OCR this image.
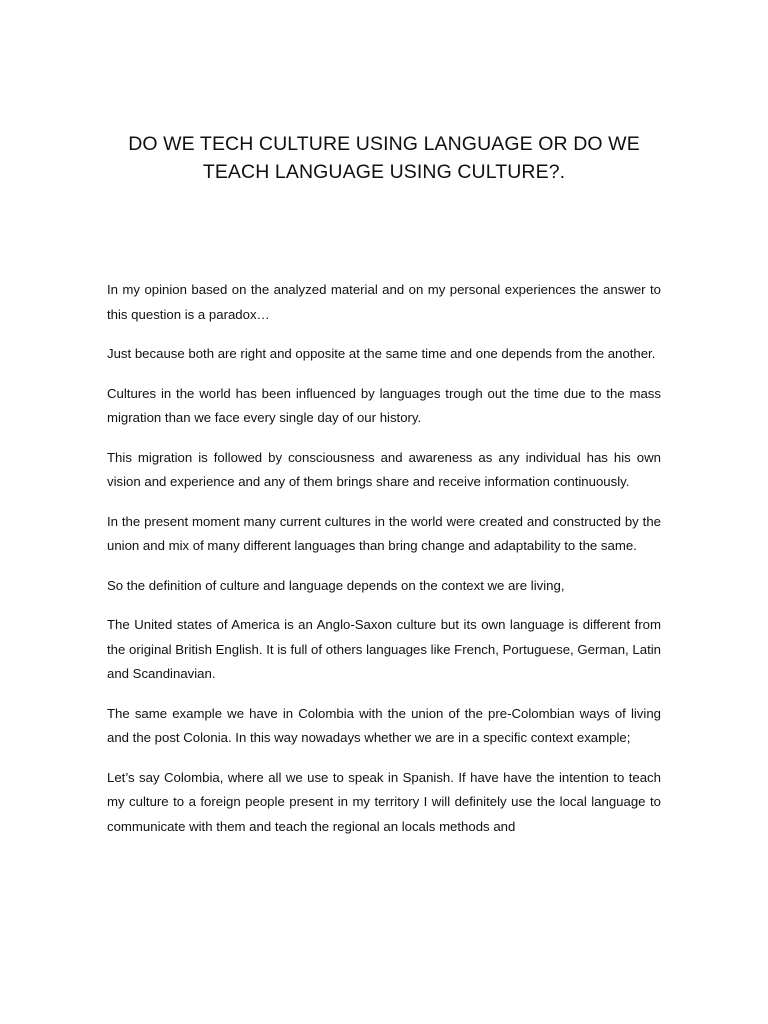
DO WE TECH CULTURE USING LANGUAGE OR DO WE
TEACH LANGUAGE USING CULTURE?.

In my opinion based on the analyzed material and on my personal experiences the answer to this question is a paradox…

Just because both are right and opposite at the same time and one depends from the another.

Cultures in the world has been influenced by languages trough out the time due to the mass migration than we face every single day of our history.

This migration is followed by consciousness and awareness as any individual has his own vision and experience and any of them brings share and receive information continuously.

In the present moment many current cultures in the world were created and constructed by the union and mix of many different languages than bring change and adaptability to the same.

So the definition of culture and language depends on the context we are living,

The United states of America is an Anglo-Saxon culture but its own language is different from the original British English. It is full of others languages like French, Portuguese, German, Latin and Scandinavian.

The same example we have in Colombia with the union of the pre-Colombian ways of living and the post Colonia. In this way nowadays whether we are in a specific context example;

Let’s say Colombia, where all we use to speak in Spanish. If have have the intention to teach my culture to a foreign people present in my territory I will definitely use the local language to communicate with them and teach the regional an locals methods and
